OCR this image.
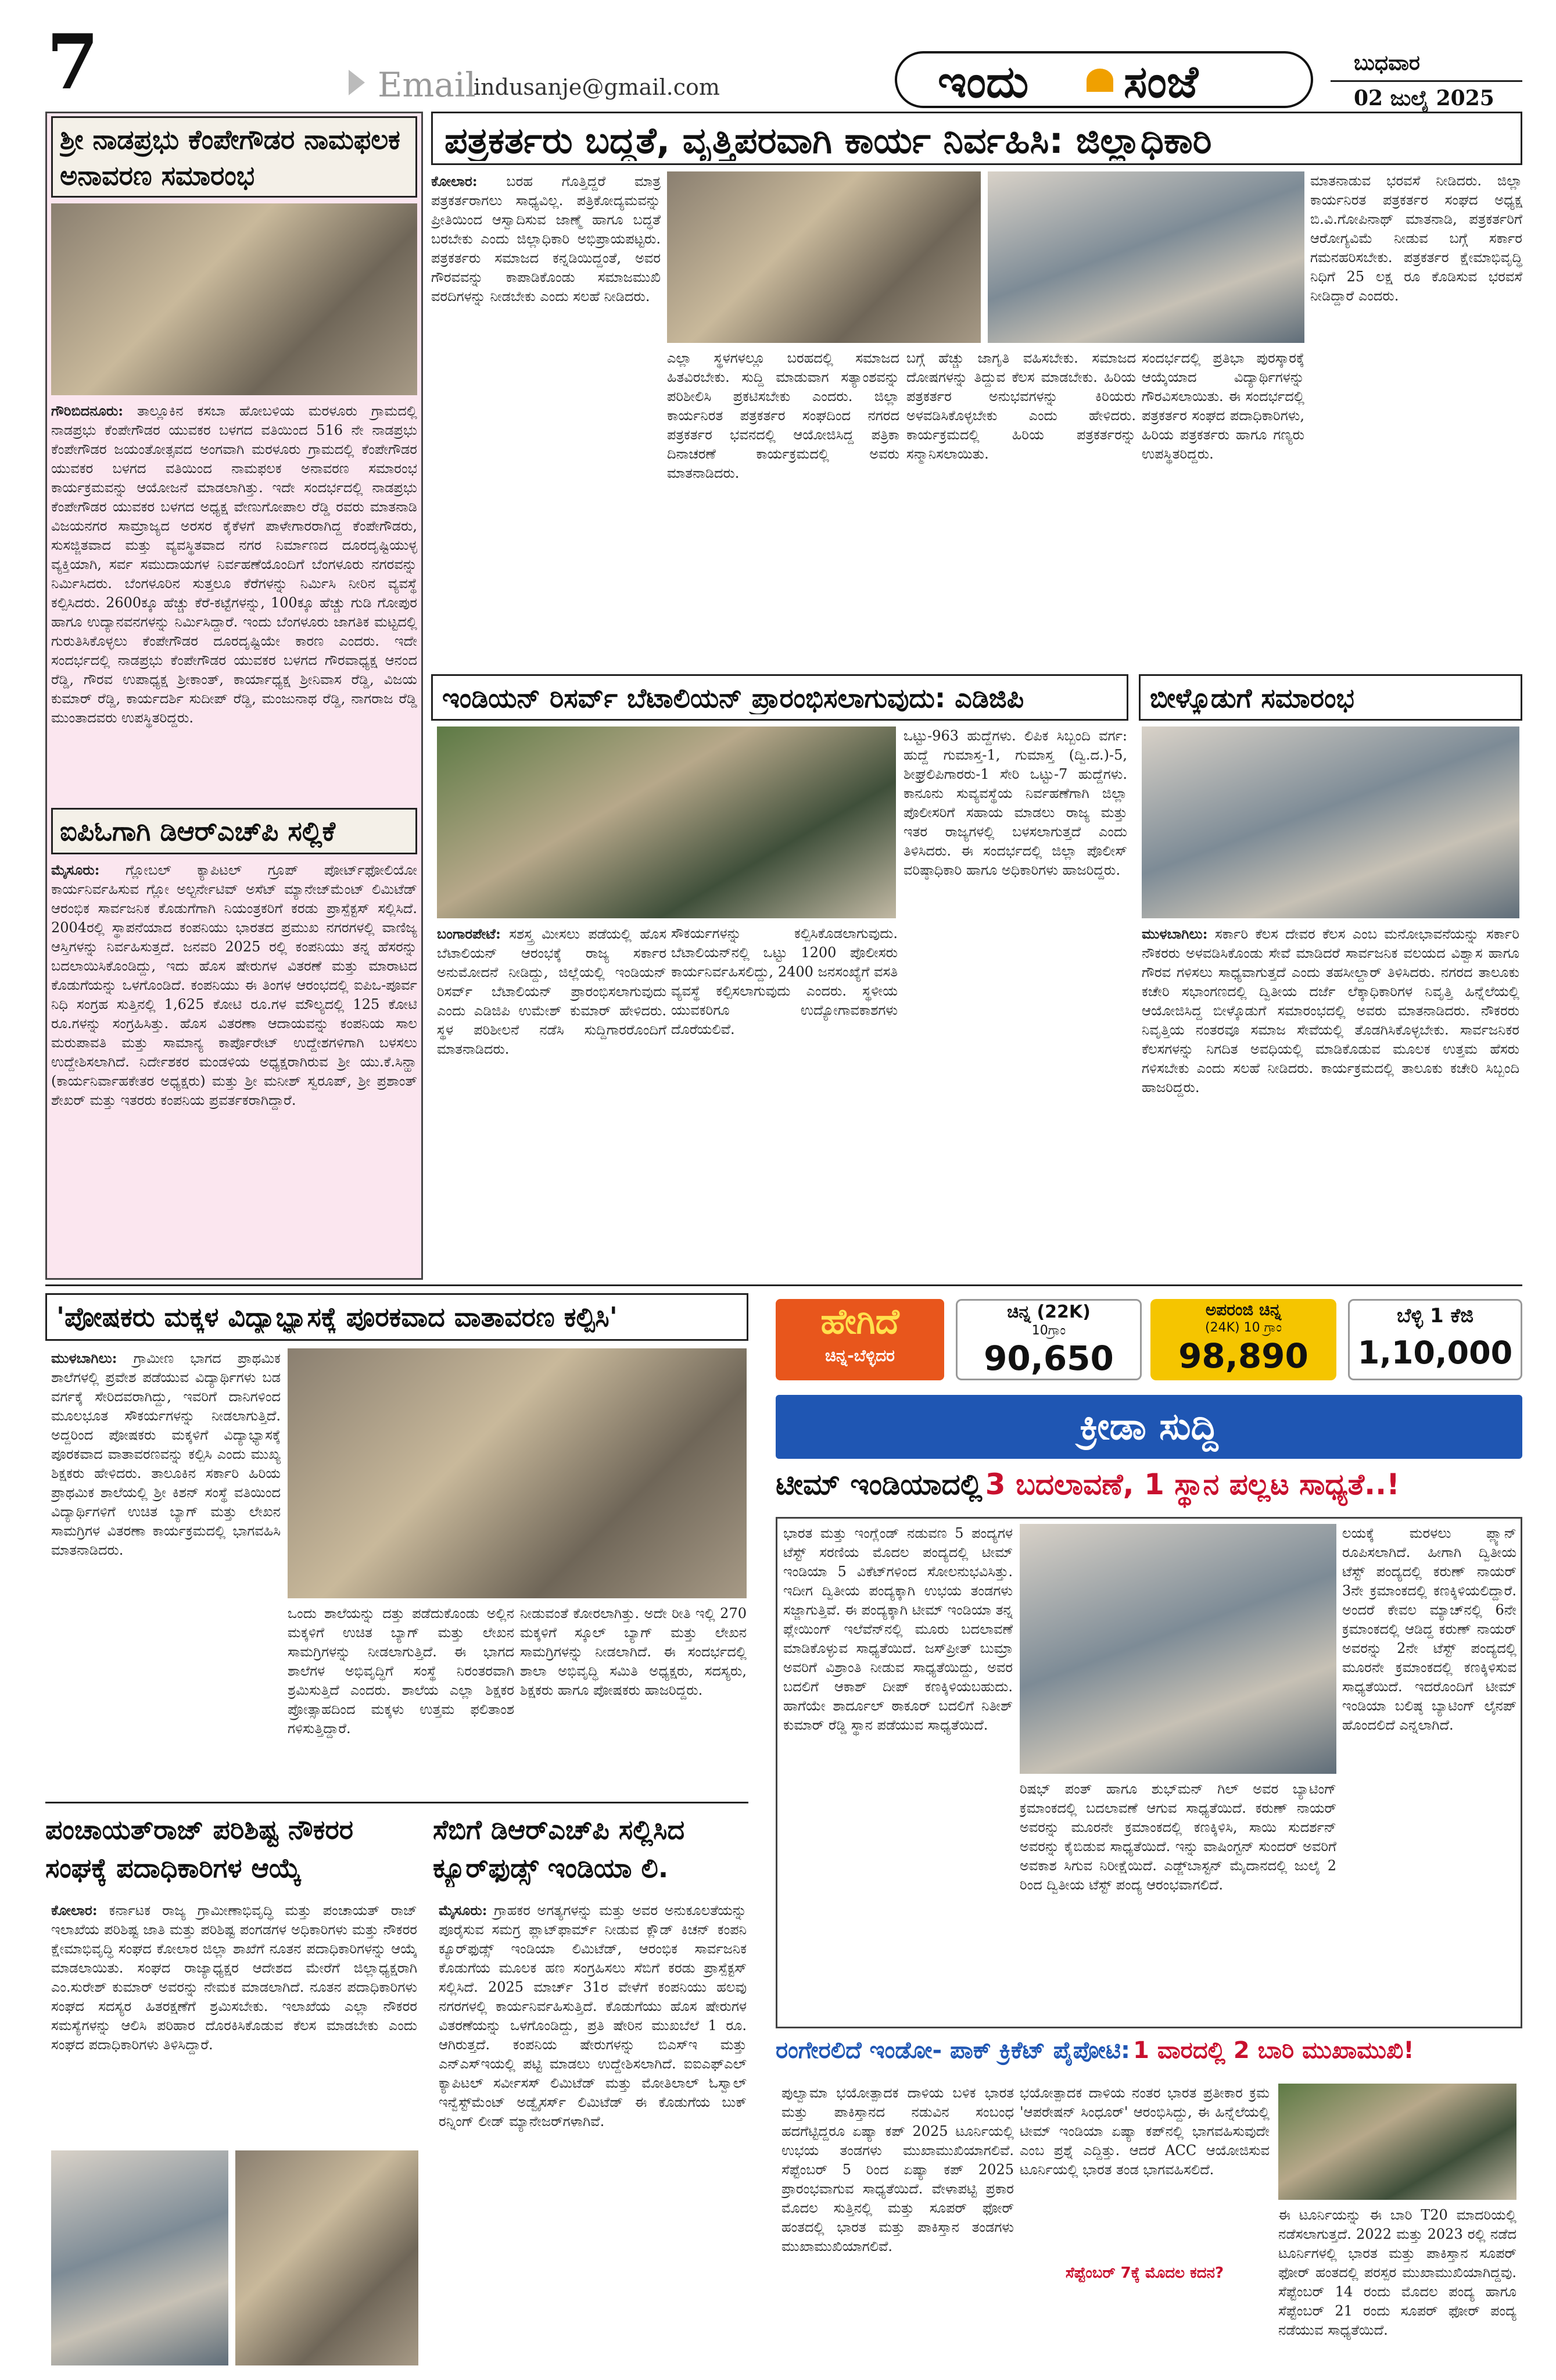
7	Email
indusanje@gmail.com	ಇಂದು ಸಂಜೆ	ಬುಧವಾರ
02 ಜುಲೈ 2025
ಶ್ರೀ ನಾಡಪ್ರಭು ಕೆಂಪೇಗೌಡರ ನಾಮಫಲಕ ಅನಾವರಣ ಸಮಾರಂಭ
ಗೌರಿಬಿದನೂರು: ತಾಲ್ಲೂಕಿನ ಕಸಬಾ ಹೋಬಳಿಯ ಮರಳೂರು ಗ್ರಾಮದಲ್ಲಿ ನಾಡಪ್ರಭು ಕೆಂಪೇಗೌಡರ ಯುವಕರ ಬಳಗದ ವತಿಯಿಂದ 516 ನೇ ನಾಡಪ್ರಭು ಕೆಂಪೇಗೌಡರ ಜಯಂತೋತ್ಸವದ ಅಂಗವಾಗಿ ಮರಳೂರು ಗ್ರಾಮದಲ್ಲಿ ಕೆಂಪೇಗೌಡರ ಯುವಕರ ಬಳಗದ ವತಿಯಿಂದ ನಾಮಫಲಕ ಅನಾವರಣ ಸಮಾರಂಭ ಕಾರ್ಯಕ್ರಮವನ್ನು ಆಯೋಜನೆ ಮಾಡಲಾಗಿತ್ತು. ಇದೇ ಸಂದರ್ಭದಲ್ಲಿ ನಾಡಪ್ರಭು ಕೆಂಪೇಗೌಡರ ಯುವಕರ ಬಳಗದ ಅಧ್ಯಕ್ಷ ವೇಣುಗೋಪಾಲ ರೆಡ್ಡಿ ರವರು ಮಾತನಾಡಿ ವಿಜಯನಗರ ಸಾಮ್ರಾಜ್ಯದ ಅರಸರ ಕೈಕೆಳಗೆ ಪಾಳೇಗಾರರಾಗಿದ್ದ ಕೆಂಪೇಗೌಡರು, ಸುಸಜ್ಜಿತವಾದ ಮತ್ತು ವ್ಯವಸ್ಥಿತವಾದ ನಗರ ನಿರ್ಮಾಣದ ದೂರದೃಷ್ಟಿಯುಳ್ಳ ವ್ಯಕ್ತಿಯಾಗಿ, ಸರ್ವ ಸಮುದಾಯಗಳ ನಿರ್ವಹಣೆಯೊಂದಿಗೆ ಬೆಂಗಳೂರು ನಗರವನ್ನು ನಿರ್ಮಿಸಿದರು. ಬೆಂಗಳೂರಿನ ಸುತ್ತಲೂ ಕೆರೆಗಳನ್ನು ನಿರ್ಮಿಸಿ ನೀರಿನ ವ್ಯವಸ್ಥೆ ಕಲ್ಪಿಸಿದರು. 2600ಕ್ಕೂ ಹೆಚ್ಚು ಕೆರೆ-ಕಟ್ಟೆಗಳನ್ನು, 100ಕ್ಕೂ ಹೆಚ್ಚು ಗುಡಿ ಗೋಪುರ ಹಾಗೂ ಉದ್ಯಾನವನಗಳನ್ನು ನಿರ್ಮಿಸಿದ್ದಾರೆ. ಇಂದು ಬೆಂಗಳೂರು ಜಾಗತಿಕ ಮಟ್ಟದಲ್ಲಿ ಗುರುತಿಸಿಕೊಳ್ಳಲು ಕೆಂಪೇಗೌಡರ ದೂರದೃಷ್ಟಿಯೇ ಕಾರಣ ಎಂದರು. ಇದೇ ಸಂದರ್ಭದಲ್ಲಿ ನಾಡಪ್ರಭು ಕೆಂಪೇಗೌಡರ ಯುವಕರ ಬಳಗದ ಗೌರವಾಧ್ಯಕ್ಷ ಆನಂದ ರೆಡ್ಡಿ, ಗೌರವ ಉಪಾಧ್ಯಕ್ಷ ಶ್ರೀಕಾಂತ್, ಕಾರ್ಯಾಧ್ಯಕ್ಷ ಶ್ರೀನಿವಾಸ ರೆಡ್ಡಿ, ವಿಜಯ ಕುಮಾರ್ ರೆಡ್ಡಿ, ಕಾರ್ಯದರ್ಶಿ ಸುದೀಪ್ ರೆಡ್ಡಿ, ಮಂಜುನಾಥ ರೆಡ್ಡಿ, ನಾಗರಾಜ ರೆಡ್ಡಿ ಮುಂತಾದವರು ಉಪಸ್ಥಿತರಿದ್ದರು.
ಐಪಿಓಗಾಗಿ ಡಿಆರ್‌ಎಚ್‌ಪಿ ಸಲ್ಲಿಕೆ
ಮೈಸೂರು: ಗ್ಲೋಬಲ್ ಕ್ಯಾಪಿಟಲ್ ಗ್ರೂಪ್ ಪೋರ್ಟ್‌ಫೋಲಿಯೋ ಕಾರ್ಯನಿರ್ವಹಿಸುವ ಗ್ಲೋ ಅಲ್ಟರ್ನೇಟಿವ್ ಅಸೆಟ್ ಮ್ಯಾನೇಜ್‌ಮೆಂಟ್ ಲಿಮಿಟೆಡ್ ಆರಂಭಿಕ ಸಾರ್ವಜನಿಕ ಕೊಡುಗೆಗಾಗಿ ನಿಯಂತ್ರಕರಿಗೆ ಕರಡು ಪ್ರಾಸ್ಪೆಕ್ಟಸ್ ಸಲ್ಲಿಸಿದೆ. 2004ರಲ್ಲಿ ಸ್ಥಾಪನೆಯಾದ ಕಂಪನಿಯು ಭಾರತದ ಪ್ರಮುಖ ನಗರಗಳಲ್ಲಿ ವಾಣಿಜ್ಯ ಆಸ್ತಿಗಳನ್ನು ನಿರ್ವಹಿಸುತ್ತದೆ. ಜನವರಿ 2025 ರಲ್ಲಿ ಕಂಪನಿಯು ತನ್ನ ಹೆಸರನ್ನು ಬದಲಾಯಿಸಿಕೊಂಡಿದ್ದು, ಇದು ಹೊಸ ಷೇರುಗಳ ವಿತರಣೆ ಮತ್ತು ಮಾರಾಟದ ಕೊಡುಗೆಯನ್ನು ಒಳಗೊಂಡಿದೆ. ಕಂಪನಿಯು ಈ ತಿಂಗಳ ಆರಂಭದಲ್ಲಿ ಐಪಿಒ-ಪೂರ್ವ ನಿಧಿ ಸಂಗ್ರಹ ಸುತ್ತಿನಲ್ಲಿ 1,625 ಕೋಟಿ ರೂ.ಗಳ ಮೌಲ್ಯದಲ್ಲಿ 125 ಕೋಟಿ ರೂ.ಗಳನ್ನು ಸಂಗ್ರಹಿಸಿತ್ತು. ಹೊಸ ವಿತರಣಾ ಆದಾಯವನ್ನು ಕಂಪನಿಯ ಸಾಲ ಮರುಪಾವತಿ ಮತ್ತು ಸಾಮಾನ್ಯ ಕಾರ್ಪೊರೇಟ್ ಉದ್ದೇಶಗಳಿಗಾಗಿ ಬಳಸಲು ಉದ್ದೇಶಿಸಲಾಗಿದೆ. ನಿರ್ದೇಶಕರ ಮಂಡಳಿಯ ಅಧ್ಯಕ್ಷರಾಗಿರುವ ಶ್ರೀ ಯು.ಕೆ.ಸಿನ್ಹಾ (ಕಾರ್ಯನಿರ್ವಾಹಕೇತರ ಅಧ್ಯಕ್ಷರು) ಮತ್ತು ಶ್ರೀ ಮನೀಶ್ ಸ್ವರೂಪ್, ಶ್ರೀ ಪ್ರಶಾಂತ್ ಶೇಖರ್ ಮತ್ತು ಇತರರು ಕಂಪನಿಯ ಪ್ರವರ್ತಕರಾಗಿದ್ದಾರೆ.
ಪತ್ರಕರ್ತರು ಬದ್ಧತೆ, ವೃತ್ತಿಪರವಾಗಿ ಕಾರ್ಯ ನಿರ್ವಹಿಸಿ: ಜಿಲ್ಲಾಧಿಕಾರಿ
ಕೋಲಾರ: ಬರಹ ಗೊತ್ತಿದ್ದರೆ ಮಾತ್ರ ಪತ್ರಕರ್ತರಾಗಲು ಸಾಧ್ಯವಿಲ್ಲ. ಪತ್ರಿಕೋದ್ಯಮವನ್ನು ಪ್ರೀತಿಯಿಂದ ಆಸ್ವಾದಿಸುವ ಜಾಣ್ಮೆ ಹಾಗೂ ಬದ್ಧತೆ ಬರಬೇಕು ಎಂದು ಜಿಲ್ಲಾಧಿಕಾರಿ ಅಭಿಪ್ರಾಯಪಟ್ಟರು. ಪತ್ರಕರ್ತರು ಸಮಾಜದ ಕನ್ನಡಿಯಿದ್ದಂತೆ, ಅವರ ಗೌರವವನ್ನು ಕಾಪಾಡಿಕೊಂಡು ಸಮಾಜಮುಖಿ ವರದಿಗಳನ್ನು ನೀಡಬೇಕು ಎಂದು ಸಲಹೆ ನೀಡಿದರು.
ಎಲ್ಲಾ ಸ್ಥಳಗಳಲ್ಲೂ ಬರಹದಲ್ಲಿ ಸಮಾಜದ ಹಿತವಿರಬೇಕು. ಸುದ್ದಿ ಮಾಡುವಾಗ ಸತ್ಯಾಂಶವನ್ನು ಪರಿಶೀಲಿಸಿ ಪ್ರಕಟಿಸಬೇಕು ಎಂದರು. ಜಿಲ್ಲಾ ಕಾರ್ಯನಿರತ ಪತ್ರಕರ್ತರ ಸಂಘದಿಂದ ನಗರದ ಪತ್ರಕರ್ತರ ಭವನದಲ್ಲಿ ಆಯೋಜಿಸಿದ್ದ ಪತ್ರಿಕಾ ದಿನಾಚರಣೆ ಕಾರ್ಯಕ್ರಮದಲ್ಲಿ ಅವರು ಮಾತನಾಡಿದರು.
ಬಗ್ಗೆ ಹೆಚ್ಚು ಜಾಗೃತಿ ವಹಿಸಬೇಕು. ಸಮಾಜದ ದೋಷಗಳನ್ನು ತಿದ್ದುವ ಕೆಲಸ ಮಾಡಬೇಕು. ಹಿರಿಯ ಪತ್ರಕರ್ತರ ಅನುಭವಗಳನ್ನು ಕಿರಿಯರು ಅಳವಡಿಸಿಕೊಳ್ಳಬೇಕು ಎಂದು ಹೇಳಿದರು. ಕಾರ್ಯಕ್ರಮದಲ್ಲಿ ಹಿರಿಯ ಪತ್ರಕರ್ತರನ್ನು ಸನ್ಮಾನಿಸಲಾಯಿತು.
ಮಾತನಾಡುವ ಭರವಸೆ ನೀಡಿದರು. ಜಿಲ್ಲಾ ಕಾರ್ಯನಿರತ ಪತ್ರಕರ್ತರ ಸಂಘದ ಅಧ್ಯಕ್ಷ ಬಿ.ವಿ.ಗೋಪಿನಾಥ್ ಮಾತನಾಡಿ, ಪತ್ರಕರ್ತರಿಗೆ ಆರೋಗ್ಯವಿಮೆ ನೀಡುವ ಬಗ್ಗೆ ಸರ್ಕಾರ ಗಮನಹರಿಸಬೇಕು. ಪತ್ರಕರ್ತರ ಕ್ಷೇಮಾಭಿವೃದ್ಧಿ ನಿಧಿಗೆ 25 ಲಕ್ಷ ರೂ ಕೊಡಿಸುವ ಭರವಸೆ ನೀಡಿದ್ದಾರೆ ಎಂದರು.
ಸಂದರ್ಭದಲ್ಲಿ ಪ್ರತಿಭಾ ಪುರಸ್ಕಾರಕ್ಕೆ ಆಯ್ಕೆಯಾದ ವಿದ್ಯಾರ್ಥಿಗಳನ್ನು ಗೌರವಿಸಲಾಯಿತು. ಈ ಸಂದರ್ಭದಲ್ಲಿ ಪತ್ರಕರ್ತರ ಸಂಘದ ಪದಾಧಿಕಾರಿಗಳು, ಹಿರಿಯ ಪತ್ರಕರ್ತರು ಹಾಗೂ ಗಣ್ಯರು ಉಪಸ್ಥಿತರಿದ್ದರು.
ಇಂಡಿಯನ್ ರಿಸರ್ವ್ ಬೆಟಾಲಿಯನ್ ಪ್ರಾರಂಭಿಸಲಾಗುವುದು: ಎಡಿಜಿಪಿ
ಬಂಗಾರಪೇಟೆ: ಸಶಸ್ತ್ರ ಮೀಸಲು ಪಡೆಯಲ್ಲಿ ಹೊಸ ಬೆಟಾಲಿಯನ್ ಆರಂಭಕ್ಕೆ ರಾಜ್ಯ ಸರ್ಕಾರ ಅನುಮೋದನೆ ನೀಡಿದ್ದು, ಜಿಲ್ಲೆಯಲ್ಲಿ ಇಂಡಿಯನ್ ರಿಸರ್ವ್ ಬೆಟಾಲಿಯನ್ ಪ್ರಾರಂಭಿಸಲಾಗುವುದು ಎಂದು ಎಡಿಜಿಪಿ ಉಮೇಶ್ ಕುಮಾರ್ ಹೇಳಿದರು. ಸ್ಥಳ ಪರಿಶೀಲನೆ ನಡೆಸಿ ಸುದ್ದಿಗಾರರೊಂದಿಗೆ ಮಾತನಾಡಿದರು.
ಸೌಕರ್ಯಗಳನ್ನು ಕಲ್ಪಿಸಿಕೊಡಲಾಗುವುದು. ಬೆಟಾಲಿಯನ್‌ನಲ್ಲಿ ಒಟ್ಟು 1200 ಪೊಲೀಸರು ಕಾರ್ಯನಿರ್ವಹಿಸಲಿದ್ದು, 2400 ಜನಸಂಖ್ಯೆಗೆ ವಸತಿ ವ್ಯವಸ್ಥೆ ಕಲ್ಪಿಸಲಾಗುವುದು ಎಂದರು. ಸ್ಥಳೀಯ ಯುವಕರಿಗೂ ಉದ್ಯೋಗಾವಕಾಶಗಳು ದೊರೆಯಲಿವೆ.
ಒಟ್ಟು-963 ಹುದ್ದೆಗಳು. ಲಿಪಿಕ ಸಿಬ್ಬಂದಿ ವರ್ಗ: ಹುದ್ದೆ ಗುಮಾಸ್ತ-1, ಗುಮಾಸ್ತ (ದ್ವಿ.ದ.)-5, ಶೀಘ್ರಲಿಪಿಗಾರರು-1 ಸೇರಿ ಒಟ್ಟು-7 ಹುದ್ದೆಗಳು. ಕಾನೂನು ಸುವ್ಯವಸ್ಥೆಯ ನಿರ್ವಹಣೆಗಾಗಿ ಜಿಲ್ಲಾ ಪೊಲೀಸರಿಗೆ ಸಹಾಯ ಮಾಡಲು ರಾಜ್ಯ ಮತ್ತು ಇತರ ರಾಜ್ಯಗಳಲ್ಲಿ ಬಳಸಲಾಗುತ್ತದೆ ಎಂದು ತಿಳಿಸಿದರು. ಈ ಸಂದರ್ಭದಲ್ಲಿ ಜಿಲ್ಲಾ ಪೊಲೀಸ್ ವರಿಷ್ಠಾಧಿಕಾರಿ ಹಾಗೂ ಅಧಿಕಾರಿಗಳು ಹಾಜರಿದ್ದರು.
ಬೀಳ್ಕೊಡುಗೆ ಸಮಾರಂಭ
ಮುಳಬಾಗಿಲು: ಸರ್ಕಾರಿ ಕೆಲಸ ದೇವರ ಕೆಲಸ ಎಂಬ ಮನೋಭಾವನೆಯನ್ನು ಸರ್ಕಾರಿ ನೌಕರರು ಅಳವಡಿಸಿಕೊಂಡು ಸೇವೆ ಮಾಡಿದರೆ ಸಾರ್ವಜನಿಕ ವಲಯದ ವಿಶ್ವಾಸ ಹಾಗೂ ಗೌರವ ಗಳಿಸಲು ಸಾಧ್ಯವಾಗುತ್ತದೆ ಎಂದು ತಹಸೀಲ್ದಾರ್ ತಿಳಿಸಿದರು. ನಗರದ ತಾಲೂಕು ಕಚೇರಿ ಸಭಾಂಗಣದಲ್ಲಿ ದ್ವಿತೀಯ ದರ್ಜೆ ಲೆಕ್ಕಾಧಿಕಾರಿಗಳ ನಿವೃತ್ತಿ ಹಿನ್ನೆಲೆಯಲ್ಲಿ ಆಯೋಜಿಸಿದ್ದ ಬೀಳ್ಕೊಡುಗೆ ಸಮಾರಂಭದಲ್ಲಿ ಅವರು ಮಾತನಾಡಿದರು. ನೌಕರರು ನಿವೃತ್ತಿಯ ನಂತರವೂ ಸಮಾಜ ಸೇವೆಯಲ್ಲಿ ತೊಡಗಿಸಿಕೊಳ್ಳಬೇಕು. ಸಾರ್ವಜನಿಕರ ಕೆಲಸಗಳನ್ನು ನಿಗದಿತ ಅವಧಿಯಲ್ಲಿ ಮಾಡಿಕೊಡುವ ಮೂಲಕ ಉತ್ತಮ ಹೆಸರು ಗಳಿಸಬೇಕು ಎಂದು ಸಲಹೆ ನೀಡಿದರು. ಕಾರ್ಯಕ್ರಮದಲ್ಲಿ ತಾಲೂಕು ಕಚೇರಿ ಸಿಬ್ಬಂದಿ ಹಾಜರಿದ್ದರು.
'ಪೋಷಕರು ಮಕ್ಕಳ ವಿದ್ಯಾಭ್ಯಾಸಕ್ಕೆ ಪೂರಕವಾದ ವಾತಾವರಣ ಕಲ್ಪಿಸಿ'
ಮುಳಬಾಗಿಲು: ಗ್ರಾಮೀಣ ಭಾಗದ ಪ್ರಾಥಮಿಕ ಶಾಲೆಗಳಲ್ಲಿ ಪ್ರವೇಶ ಪಡೆಯುವ ವಿದ್ಯಾರ್ಥಿಗಳು ಬಡ ವರ್ಗಕ್ಕೆ ಸೇರಿದವರಾಗಿದ್ದು, ಇವರಿಗೆ ದಾನಿಗಳಿಂದ ಮೂಲಭೂತ ಸೌಕರ್ಯಗಳನ್ನು ನೀಡಲಾಗುತ್ತಿದೆ. ಅದ್ದರಿಂದ ಪೋಷಕರು ಮಕ್ಕಳಿಗೆ ವಿದ್ಯಾಭ್ಯಾಸಕ್ಕೆ ಪೂರಕವಾದ ವಾತಾವರಣವನ್ನು ಕಲ್ಪಿಸಿ ಎಂದು ಮುಖ್ಯ ಶಿಕ್ಷಕರು ಹೇಳಿದರು. ತಾಲೂಕಿನ ಸರ್ಕಾರಿ ಹಿರಿಯ ಪ್ರಾಥಮಿಕ ಶಾಲೆಯಲ್ಲಿ ಶ್ರೀ ಕಿಶನ್ ಸಂಸ್ಥೆ ವತಿಯಿಂದ ವಿದ್ಯಾರ್ಥಿಗಳಿಗೆ ಉಚಿತ ಬ್ಯಾಗ್ ಮತ್ತು ಲೇಖನ ಸಾಮಗ್ರಿಗಳ ವಿತರಣಾ ಕಾರ್ಯಕ್ರಮದಲ್ಲಿ ಭಾಗವಹಿಸಿ ಮಾತನಾಡಿದರು.
ಒಂದು ಶಾಲೆಯನ್ನು ದತ್ತು ಪಡೆದುಕೊಂಡು ಅಲ್ಲಿನ ಮಕ್ಕಳಿಗೆ ಉಚಿತ ಬ್ಯಾಗ್ ಮತ್ತು ಲೇಖನ ಸಾಮಗ್ರಿಗಳನ್ನು ನೀಡಲಾಗುತ್ತಿದೆ. ಈ ಭಾಗದ ಶಾಲೆಗಳ ಅಭಿವೃದ್ಧಿಗೆ ಸಂಸ್ಥೆ ನಿರಂತರವಾಗಿ ಶ್ರಮಿಸುತ್ತಿದೆ ಎಂದರು. ಶಾಲೆಯ ಎಲ್ಲಾ ಶಿಕ್ಷಕರ ಪ್ರೋತ್ಸಾಹದಿಂದ ಮಕ್ಕಳು ಉತ್ತಮ ಫಲಿತಾಂಶ ಗಳಿಸುತ್ತಿದ್ದಾರೆ.
ನೀಡುವಂತೆ ಕೋರಲಾಗಿತ್ತು. ಅದೇ ರೀತಿ ಇಲ್ಲಿ 270 ಮಕ್ಕಳಿಗೆ ಸ್ಕೂಲ್ ಬ್ಯಾಗ್ ಮತ್ತು ಲೇಖನ ಸಾಮಗ್ರಿಗಳನ್ನು ನೀಡಲಾಗಿದೆ. ಈ ಸಂದರ್ಭದಲ್ಲಿ ಶಾಲಾ ಅಭಿವೃದ್ಧಿ ಸಮಿತಿ ಅಧ್ಯಕ್ಷರು, ಸದಸ್ಯರು, ಶಿಕ್ಷಕರು ಹಾಗೂ ಪೋಷಕರು ಹಾಜರಿದ್ದರು.
ಪಂಚಾಯತ್‌ರಾಜ್ ಪರಿಶಿಷ್ಟ ನೌಕರರ ಸಂಘಕ್ಕೆ ಪದಾಧಿಕಾರಿಗಳ ಆಯ್ಕೆ
ಕೋಲಾರ: ಕರ್ನಾಟಕ ರಾಜ್ಯ ಗ್ರಾಮೀಣಾಭಿವೃದ್ಧಿ ಮತ್ತು ಪಂಚಾಯತ್ ರಾಜ್ ಇಲಾಖೆಯ ಪರಿಶಿಷ್ಟ ಜಾತಿ ಮತ್ತು ಪರಿಶಿಷ್ಟ ಪಂಗಡಗಳ ಅಧಿಕಾರಿಗಳು ಮತ್ತು ನೌಕರರ ಕ್ಷೇಮಾಭಿವೃದ್ಧಿ ಸಂಘದ ಕೋಲಾರ ಜಿಲ್ಲಾ ಶಾಖೆಗೆ ನೂತನ ಪದಾಧಿಕಾರಿಗಳನ್ನು ಆಯ್ಕೆ ಮಾಡಲಾಯಿತು. ಸಂಘದ ರಾಜ್ಯಾಧ್ಯಕ್ಷರ ಆದೇಶದ ಮೇರೆಗೆ ಜಿಲ್ಲಾಧ್ಯಕ್ಷರಾಗಿ ಎಂ.ಸುರೇಶ್ ಕುಮಾರ್ ಅವರನ್ನು ನೇಮಕ ಮಾಡಲಾಗಿದೆ. ನೂತನ ಪದಾಧಿಕಾರಿಗಳು ಸಂಘದ ಸದಸ್ಯರ ಹಿತರಕ್ಷಣೆಗೆ ಶ್ರಮಿಸಬೇಕು. ಇಲಾಖೆಯ ಎಲ್ಲಾ ನೌಕರರ ಸಮಸ್ಯೆಗಳನ್ನು ಆಲಿಸಿ ಪರಿಹಾರ ದೊರಕಿಸಿಕೊಡುವ ಕೆಲಸ ಮಾಡಬೇಕು ಎಂದು ಸಂಘದ ಪದಾಧಿಕಾರಿಗಳು ತಿಳಿಸಿದ್ದಾರೆ.
ಸೆಬಿಗೆ ಡಿಆರ್‌ಎಚ್‌ಪಿ ಸಲ್ಲಿಸಿದ ಕ್ಯೂರ್‌ಫುಡ್ಸ್ ಇಂಡಿಯಾ ಲಿ.
ಮೈಸೂರು: ಗ್ರಾಹಕರ ಅಗತ್ಯಗಳನ್ನು ಮತ್ತು ಅವರ ಅನುಕೂಲತೆಯನ್ನು ಪೂರೈಸುವ ಸಮಗ್ರ ಪ್ಲಾಟ್‌ಫಾರ್ಮ್ ನೀಡುವ ಕ್ಲೌಡ್ ಕಿಚನ್ ಕಂಪನಿ ಕ್ಯೂರ್‌ಫುಡ್ಸ್ ಇಂಡಿಯಾ ಲಿಮಿಟೆಡ್, ಆರಂಭಿಕ ಸಾರ್ವಜನಿಕ ಕೊಡುಗೆಯ ಮೂಲಕ ಹಣ ಸಂಗ್ರಹಿಸಲು ಸೆಬಿಗೆ ಕರಡು ಪ್ರಾಸ್ಪೆಕ್ಟಸ್ ಸಲ್ಲಿಸಿದೆ. 2025 ಮಾರ್ಚ್ 31ರ ವೇಳೆಗೆ ಕಂಪನಿಯು ಹಲವು ನಗರಗಳಲ್ಲಿ ಕಾರ್ಯನಿರ್ವಹಿಸುತ್ತಿದೆ. ಕೊಡುಗೆಯು ಹೊಸ ಷೇರುಗಳ ವಿತರಣೆಯನ್ನು ಒಳಗೊಂಡಿದ್ದು, ಪ್ರತಿ ಷೇರಿನ ಮುಖಬೆಲೆ 1 ರೂ. ಆಗಿರುತ್ತದೆ. ಕಂಪನಿಯ ಷೇರುಗಳನ್ನು ಬಿಎಸ್‌ಇ ಮತ್ತು ಎನ್‌ಎಸ್‌ಇಯಲ್ಲಿ ಪಟ್ಟಿ ಮಾಡಲು ಉದ್ದೇಶಿಸಲಾಗಿದೆ. ಐಐಎಫ್‌ಎಲ್ ಕ್ಯಾಪಿಟಲ್ ಸರ್ವೀಸಸ್ ಲಿಮಿಟೆಡ್ ಮತ್ತು ಮೋತಿಲಾಲ್ ಓಸ್ವಾಲ್ ಇನ್ವೆಸ್ಟ್‌ಮೆಂಟ್ ಅಡ್ವೈಸರ್ಸ್ ಲಿಮಿಟೆಡ್ ಈ ಕೊಡುಗೆಯ ಬುಕ್ ರನ್ನಿಂಗ್ ಲೀಡ್ ಮ್ಯಾನೇಜರ್‌ಗಳಾಗಿವೆ.
ಹೇಗಿದೆ
ಚಿನ್ನ-ಬೆಳ್ಳಿದರ
ಚಿನ್ನ (22K)
10ಗ್ರಾಂ
90,650
ಅಪರಂಜಿ ಚಿನ್ನ
(24K) 10 ಗ್ರಾಂ
98,890
ಬೆಳ್ಳಿ 1 ಕೆಜಿ
1,10,000
ಕ್ರೀಡಾ ಸುದ್ದಿ
ಟೀಮ್ ಇಂಡಿಯಾದಲ್ಲಿ 3 ಬದಲಾವಣೆ, 1 ಸ್ಥಾನ ಪಲ್ಲಟ ಸಾಧ್ಯತೆ..!
ಭಾರತ ಮತ್ತು ಇಂಗ್ಲೆಂಡ್ ನಡುವಣ 5 ಪಂದ್ಯಗಳ ಟೆಸ್ಟ್ ಸರಣಿಯ ಮೊದಲ ಪಂದ್ಯದಲ್ಲಿ ಟೀಮ್ ಇಂಡಿಯಾ 5 ವಿಕೆಟ್‌ಗಳಿಂದ ಸೋಲನುಭವಿಸಿತ್ತು. ಇದೀಗ ದ್ವಿತೀಯ ಪಂದ್ಯಕ್ಕಾಗಿ ಉಭಯ ತಂಡಗಳು ಸಜ್ಜಾಗುತ್ತಿವೆ. ಈ ಪಂದ್ಯಕ್ಕಾಗಿ ಟೀಮ್ ಇಂಡಿಯಾ ತನ್ನ ಪ್ಲೇಯಿಂಗ್ ಇಲೆವೆನ್‌ನಲ್ಲಿ ಮೂರು ಬದಲಾವಣೆ ಮಾಡಿಕೊಳ್ಳುವ ಸಾಧ್ಯತೆಯಿದೆ. ಜಸ್‌ಪ್ರೀತ್ ಬುಮ್ರಾ ಅವರಿಗೆ ವಿಶ್ರಾಂತಿ ನೀಡುವ ಸಾಧ್ಯತೆಯಿದ್ದು, ಅವರ ಬದಲಿಗೆ ಆಕಾಶ್ ದೀಪ್ ಕಣಕ್ಕಿಳಿಯಬಹುದು. ಹಾಗೆಯೇ ಶಾರ್ದೂಲ್ ಠಾಕೂರ್ ಬದಲಿಗೆ ನಿತೀಶ್ ಕುಮಾರ್ ರೆಡ್ಡಿ ಸ್ಥಾನ ಪಡೆಯುವ ಸಾಧ್ಯತೆಯಿದೆ.
ರಿಷಭ್ ಪಂತ್ ಹಾಗೂ ಶುಭ್‌ಮನ್ ಗಿಲ್ ಅವರ ಬ್ಯಾಟಿಂಗ್ ಕ್ರಮಾಂಕದಲ್ಲಿ ಬದಲಾವಣೆ ಆಗುವ ಸಾಧ್ಯತೆಯಿದೆ. ಕರುಣ್ ನಾಯರ್ ಅವರನ್ನು ಮೂರನೇ ಕ್ರಮಾಂಕದಲ್ಲಿ ಕಣಕ್ಕಿಳಿಸಿ, ಸಾಯಿ ಸುದರ್ಶನ್ ಅವರನ್ನು ಕೈಬಿಡುವ ಸಾಧ್ಯತೆಯಿದೆ. ಇನ್ನು ವಾಷಿಂಗ್ಟನ್ ಸುಂದರ್ ಅವರಿಗೆ ಅವಕಾಶ ಸಿಗುವ ನಿರೀಕ್ಷೆಯಿದೆ. ಎಡ್ಜ್‌ಬಾಸ್ಟನ್ ಮೈದಾನದಲ್ಲಿ ಜುಲೈ 2 ರಿಂದ ದ್ವಿತೀಯ ಟೆಸ್ಟ್ ಪಂದ್ಯ ಆರಂಭವಾಗಲಿದೆ.
ಲಯಕ್ಕೆ ಮರಳಲು ಪ್ಲ್ಯಾನ್ ರೂಪಿಸಲಾಗಿದೆ. ಹೀಗಾಗಿ ದ್ವಿತೀಯ ಟೆಸ್ಟ್ ಪಂದ್ಯದಲ್ಲಿ ಕರುಣ್ ನಾಯರ್ 3ನೇ ಕ್ರಮಾಂಕದಲ್ಲಿ ಕಣಕ್ಕಿಳಿಯಲಿದ್ದಾರೆ. ಅಂದರೆ ಕೇವಲ ಮ್ಯಾಚ್‌ನಲ್ಲಿ 6ನೇ ಕ್ರಮಾಂಕದಲ್ಲಿ ಆಡಿದ್ದ ಕರುಣ್ ನಾಯರ್ ಅವರನ್ನು 2ನೇ ಟೆಸ್ಟ್ ಪಂದ್ಯದಲ್ಲಿ ಮೂರನೇ ಕ್ರಮಾಂಕದಲ್ಲಿ ಕಣಕ್ಕಿಳಿಸುವ ಸಾಧ್ಯತೆಯಿದೆ. ಇದರೊಂದಿಗೆ ಟೀಮ್ ಇಂಡಿಯಾ ಬಲಿಷ್ಠ ಬ್ಯಾಟಿಂಗ್ ಲೈನಪ್ ಹೊಂದಲಿದೆ ಎನ್ನಲಾಗಿದೆ.
ರಂಗೇರಲಿದೆ ಇಂಡೋ- ಪಾಕ್ ಕ್ರಿಕೆಟ್ ಪೈಪೋಟಿ: 1 ವಾರದಲ್ಲಿ 2 ಬಾರಿ ಮುಖಾಮುಖಿ!
ಪುಲ್ವಾಮಾ ಭಯೋತ್ಪಾದಕ ದಾಳಿಯ ಬಳಿಕ ಭಾರತ ಮತ್ತು ಪಾಕಿಸ್ತಾನದ ನಡುವಿನ ಸಂಬಂಧ ಹದಗೆಟ್ಟಿದ್ದರೂ ಏಷ್ಯಾ ಕಪ್ 2025 ಟೂರ್ನಿಯಲ್ಲಿ ಉಭಯ ತಂಡಗಳು ಮುಖಾಮುಖಿಯಾಗಲಿವೆ. ಸೆಪ್ಟೆಂಬರ್ 5 ರಿಂದ ಏಷ್ಯಾ ಕಪ್ 2025 ಪ್ರಾರಂಭವಾಗುವ ಸಾಧ್ಯತೆಯಿದೆ. ವೇಳಾಪಟ್ಟಿ ಪ್ರಕಾರ ಮೊದಲ ಸುತ್ತಿನಲ್ಲಿ ಮತ್ತು ಸೂಪರ್ ಫೋರ್ ಹಂತದಲ್ಲಿ ಭಾರತ ಮತ್ತು ಪಾಕಿಸ್ತಾನ ತಂಡಗಳು ಮುಖಾಮುಖಿಯಾಗಲಿವೆ.
ಭಯೋತ್ಪಾದಕ ದಾಳಿಯ ನಂತರ ಭಾರತ ಪ್ರತೀಕಾರ ಕ್ರಮ 'ಆಪರೇಷನ್ ಸಿಂಧೂರ್' ಆರಂಭಿಸಿದ್ದು, ಈ ಹಿನ್ನೆಲೆಯಲ್ಲಿ ಟೀಮ್ ಇಂಡಿಯಾ ಏಷ್ಯಾ ಕಪ್‌ನಲ್ಲಿ ಭಾಗವಹಿಸುವುದೇ ಎಂಬ ಪ್ರಶ್ನೆ ಎದ್ದಿತ್ತು. ಆದರೆ ACC ಆಯೋಜಿಸುವ ಟೂರ್ನಿಯಲ್ಲಿ ಭಾರತ ತಂಡ ಭಾಗವಹಿಸಲಿದೆ.
ಸೆಪ್ಟೆಂಬರ್ 7ಕ್ಕೆ ಮೊದಲ ಕದನ?
ಈ ಟೂರ್ನಿಯನ್ನು ಈ ಬಾರಿ T20 ಮಾದರಿಯಲ್ಲಿ ನಡೆಸಲಾಗುತ್ತದೆ. 2022 ಮತ್ತು 2023 ರಲ್ಲಿ ನಡೆದ ಟೂರ್ನಿಗಳಲ್ಲಿ ಭಾರತ ಮತ್ತು ಪಾಕಿಸ್ತಾನ ಸೂಪರ್ ಫೋರ್ ಹಂತದಲ್ಲಿ ಪರಸ್ಪರ ಮುಖಾಮುಖಿಯಾಗಿದ್ದವು. ಸೆಪ್ಟೆಂಬರ್ 14 ರಂದು ಮೊದಲ ಪಂದ್ಯ ಹಾಗೂ ಸೆಪ್ಟೆಂಬರ್ 21 ರಂದು ಸೂಪರ್ ಫೋರ್ ಪಂದ್ಯ ನಡೆಯುವ ಸಾಧ್ಯತೆಯಿದೆ.
